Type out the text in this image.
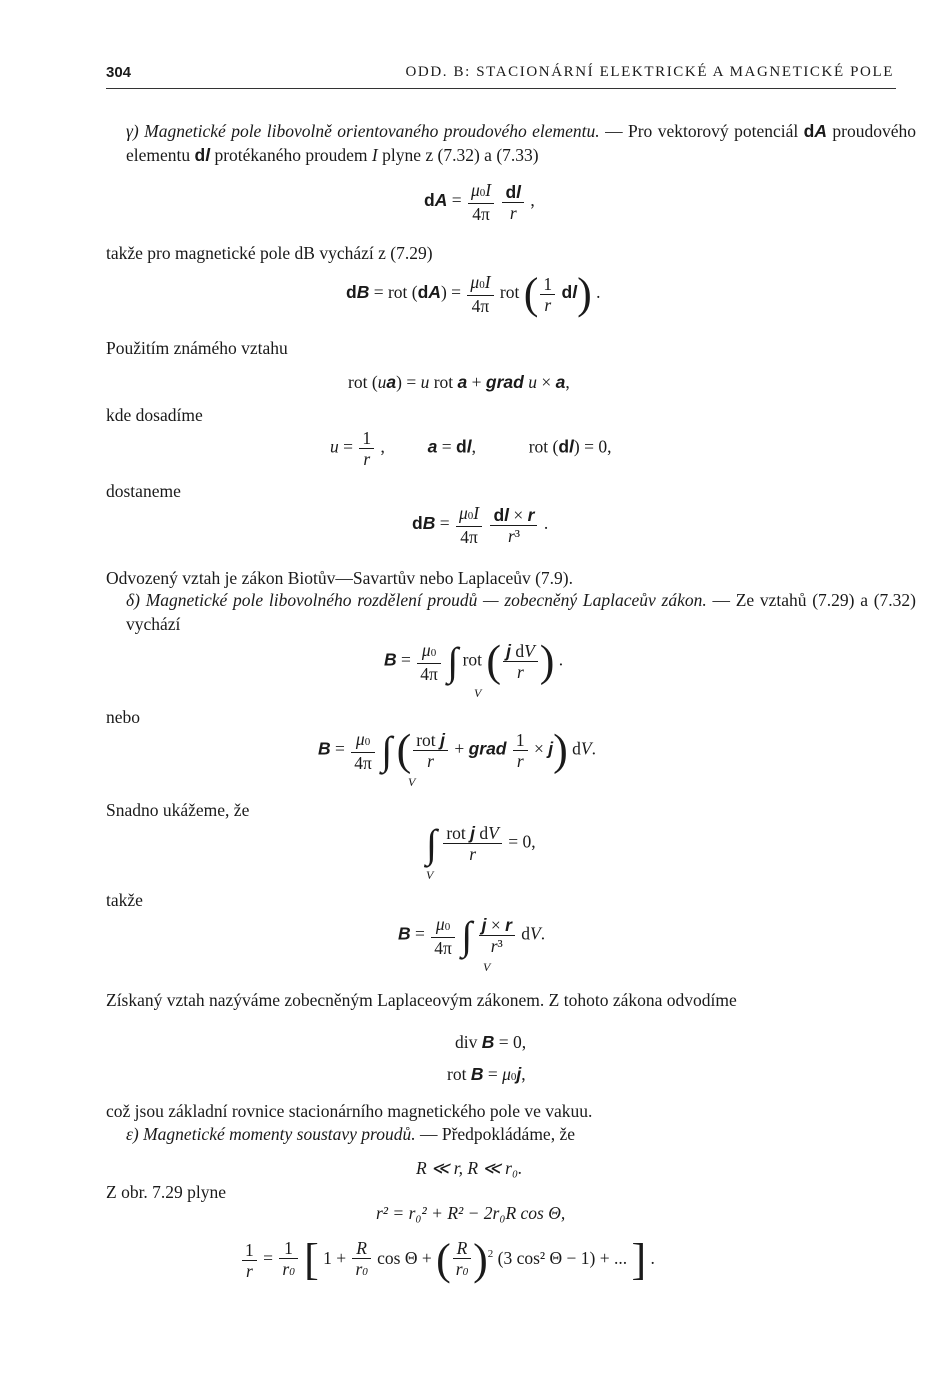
304	ODD. B: STACIONÁRNÍ ELEKTRICKÉ A MAGNETICKÉ POLE
γ) Magnetické pole libovolně orientovaného proudového elementu. — Pro vektorový potenciál dA proudového elementu dl protékaného proudem I plyne z (7.32) a (7.33)
dA = $\frac{\mu 0I}{4\pi}$
$\frac{dl}{r}$ ,
takže pro magnetické pole dB vychází z (7.29)
dB = rot $(dA) = \frac{\mu 0I}{4\pi}$ rot ( $\frac{1}{r} dl$) .
Použitím známého vztahu
rot (ua) = u rot a + grad u × a,
kde dosadíme
$u = \frac{1}{r}$ ,  a = dl,	rot (dl) = 0,
dostaneme
dB = $\frac{\mu 0I}{4\pi}$
$\frac{dl \times r}{\text{r³}}$ .
Odvozený vztah je zákon Biotův—Savartův nebo Laplaceův (7.9).
δ) Magnetické pole libovolného rozdělení proudů — zobecněný Laplaceův zákon. — Ze vztahů (7.29) a (7.32) vychází
$B = \frac{\mu 0}{4\pi}$ ∫ rot ( $\frac{\text{j dV}}{r}$ ) .
V
nebo
$B = \frac{\mu 0}{4\pi}$ ∫ ( $\frac{\text{rot j}}{r}$ + grad $\frac{1}{r} \times j$) dV.
V
Snadno ukážeme, že
∫ $\frac{\text{rot j dV}}{r} = 0$,
V
takže
$B = \frac{\mu 0}{4\pi}$ ∫ $\frac{j \times r}{\text{r³}}$ dV.
V
Získaný vztah nazýváme zobecněným Laplaceovým zákonem. Z tohoto zákona odvodíme
div B = 0,
rot B = μ0j,
což jsou základní rovnice stacionárního magnetického pole ve vakuu.
ε) Magnetické momenty soustavy proudů. — Předpokládáme, že
R ≪ r, R ≪ r₀.
Z obr. 7.29 plyne
r² = r₀² + R² − 2r₀R cos Θ,
$\frac{1}{r} = \frac{1}{r0}$ [ $1 + \frac{R}{r0}$ cos Θ + ( $\frac{R}{r0} )^2$ (3 cos² Θ − 1) + ... ] .
